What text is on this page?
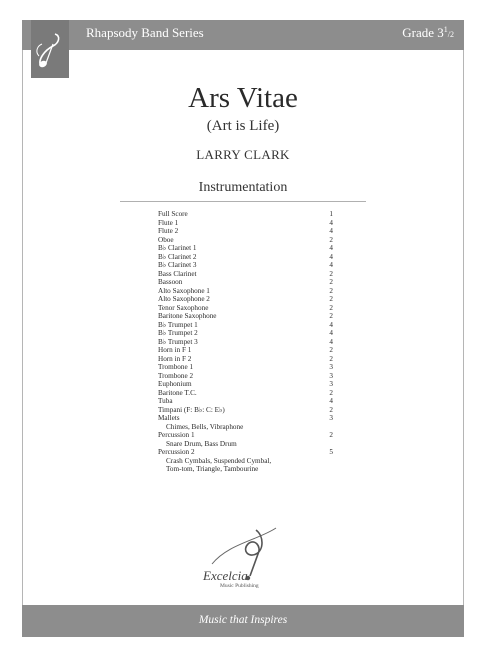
Rhapsody Band Series	Grade $3^1/2$
Ars Vitae
(Art is Life)
LARRY CLARK
Instrumentation
Full Score	1
Flute 1	4
Flute 2	4
Oboe	2
B♭ Clarinet 1	4
B♭ Clarinet 2	4
B♭ Clarinet 3	4
Bass Clarinet	2
Bassoon	2
Alto Saxophone 1	2
Alto Saxophone 2	2
Tenor Saxophone	2
Baritone Saxophone	2
B♭ Trumpet 1	4
B♭ Trumpet 2	4
B♭ Trumpet 3	4
Horn in F 1	2
Horn in F 2	2
Trombone 1	3
Trombone 2	3
Euphonium	3
Baritone T.C.	2
Tuba	4
Timpani (F: B♭: C: E♭)	2
Mallets	3
Chimes, Bells, Vibraphone
Percussion 1	2
Snare Drum, Bass Drum
Percussion 2	5
Crash Cymbals, Suspended Cymbal,
Tom-tom, Triangle, Tambourine
Excelcia
Music Publishing
Music that Inspires
